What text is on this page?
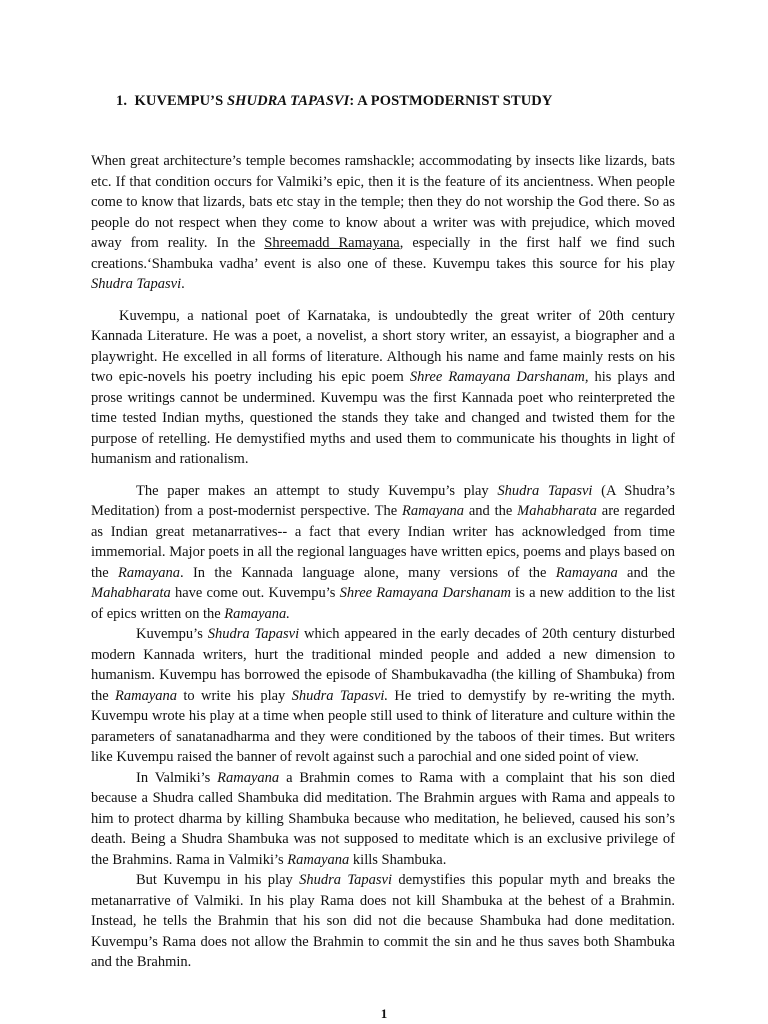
1. KUVEMPU’S SHUDRA TAPASVI: A POSTMODERNIST STUDY

When great architecture’s temple becomes ramshackle; accommodating by insects like lizards, bats etc. If that condition occurs for Valmiki’s epic, then it is the feature of its ancientness. When people come to know that lizards, bats etc stay in the temple; then they do not worship the God there. So as people do not respect when they come to know about a writer was with prejudice, which moved away from reality. In the Shreemadd Ramayana, especially in the first half we find such creations.‘Shambuka vadha’ event is also one of these. Kuvempu takes this source for his play Shudra Tapasvi.

Kuvempu, a national poet of Karnataka, is undoubtedly the great writer of 20th century Kannada Literature. He was a poet, a novelist, a short story writer, an essayist, a biographer and a playwright. He excelled in all forms of literature. Although his name and fame mainly rests on his two epic-novels his poetry including his epic poem Shree Ramayana Darshanam, his plays and prose writings cannot be undermined. Kuvempu was the first Kannada poet who reinterpreted the time tested Indian myths, questioned the stands they take and changed and twisted them for the purpose of retelling. He demystified myths and used them to communicate his thoughts in light of humanism and rationalism.

The paper makes an attempt to study Kuvempu’s play Shudra Tapasvi (A Shudra’s Meditation) from a post-modernist perspective. The Ramayana and the Mahabharata are regarded as Indian great metanarratives-- a fact that every Indian writer has acknowledged from time immemorial. Major poets in all the regional languages have written epics, poems and plays based on the Ramayana. In the Kannada language alone, many versions of the Ramayana and the Mahabharata have come out. Kuvempu’s Shree Ramayana Darshanam is a new addition to the list of epics written on the Ramayana.

Kuvempu’s Shudra Tapasvi which appeared in the early decades of 20th century disturbed modern Kannada writers, hurt the traditional minded people and added a new dimension to humanism. Kuvempu has borrowed the episode of Shambukavadha (the killing of Shambuka) from the Ramayana to write his play Shudra Tapasvi. He tried to demystify by re-writing the myth. Kuvempu wrote his play at a time when people still used to think of literature and culture within the parameters of sanatanadharma and they were conditioned by the taboos of their times. But writers like Kuvempu raised the banner of revolt against such a parochial and one sided point of view.

In Valmiki’s Ramayana a Brahmin comes to Rama with a complaint that his son died because a Shudra called Shambuka did meditation. The Brahmin argues with Rama and appeals to him to protect dharma by killing Shambuka because who meditation, he believed, caused his son’s death. Being a Shudra Shambuka was not supposed to meditate which is an exclusive privilege of the Brahmins. Rama in Valmiki’s Ramayana kills Shambuka.

But Kuvempu in his play Shudra Tapasvi demystifies this popular myth and breaks the metanarrative of Valmiki. In his play Rama does not kill Shambuka at the behest of a Brahmin. Instead, he tells the Brahmin that his son did not die because Shambuka had done meditation. Kuvempu’s Rama does not allow the Brahmin to commit the sin and he thus saves both Shambuka and the Brahmin.

1
